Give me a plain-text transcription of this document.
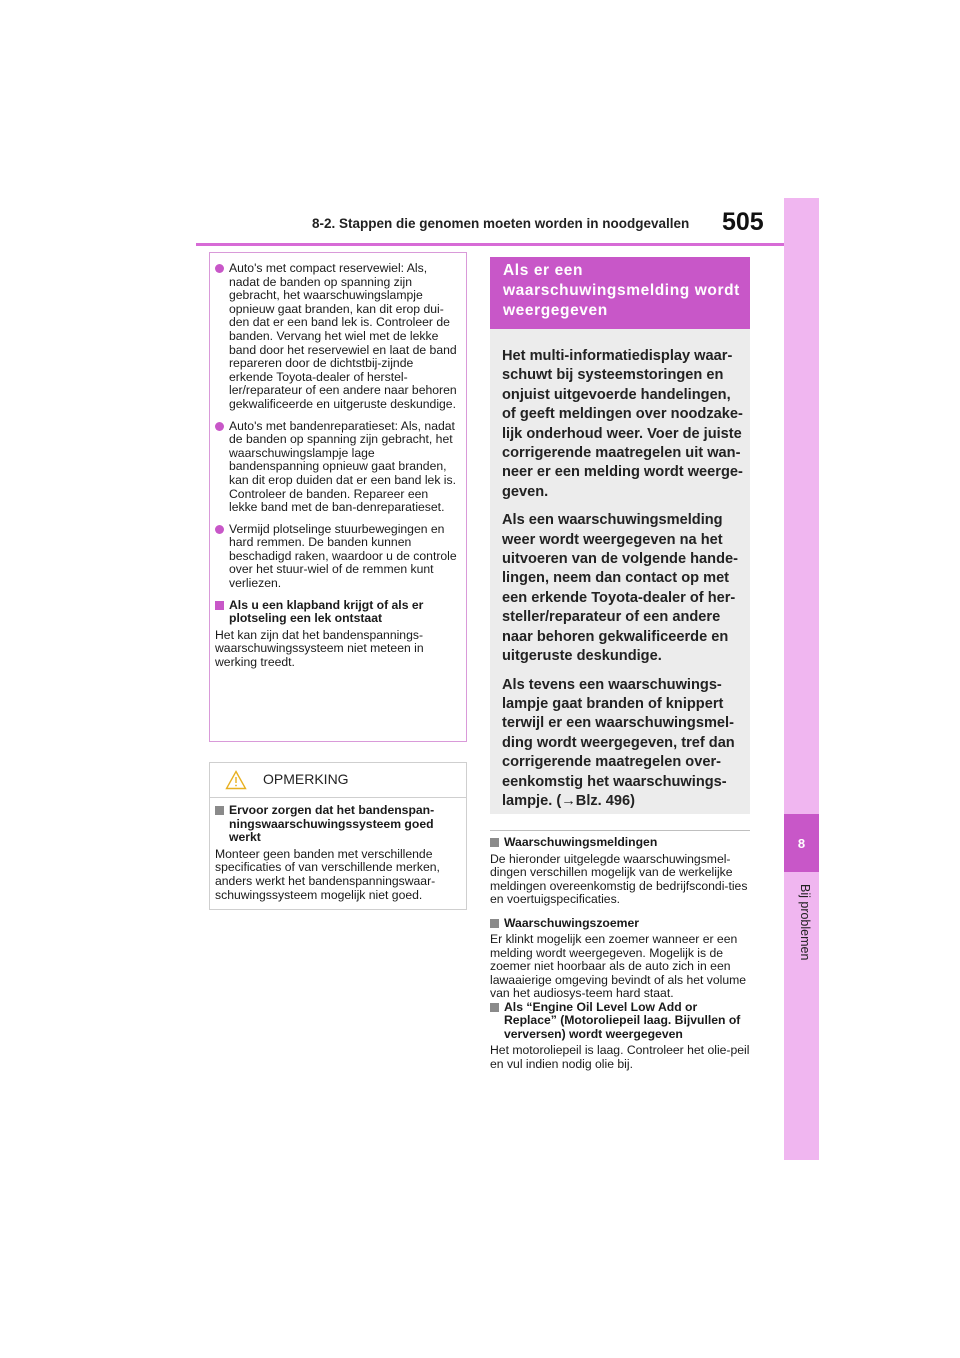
8-2. Stappen die genomen moeten worden in noodgevallen 505
8
Bij problemen
Auto's met compact reservewiel: Als, nadat de banden op spanning zijn gebracht, het waarschuwingslampje opnieuw gaat branden, kan dit erop dui-den dat er een band lek is. Controleer de banden. Vervang het wiel met de lekke band door het reservewiel en laat de band repareren door de dichtstbij-zijnde erkende Toyota-dealer of herstel-ler/reparateur of een andere naar behoren gekwalificeerde en uitgeruste deskundige.
Auto's met bandenreparatieset: Als, nadat de banden op spanning zijn gebracht, het waarschuwingslampje lage bandenspanning opnieuw gaat branden, kan dit erop duiden dat er een band lek is. Controleer de banden. Repareer een lekke band met de ban-denreparatieset.
Vermijd plotselinge stuurbewegingen en hard remmen. De banden kunnen beschadigd raken, waardoor u de controle over het stuur-wiel of de remmen kunt verliezen.
Als u een klapband krijgt of als er plotseling een lek ontstaat
Het kan zijn dat het bandenspannings-waarschuwingssysteem niet meteen in werking treedt.
OPMERKING
Ervoor zorgen dat het bandenspan-ningswaarschuwingssysteem goed werkt
Monteer geen banden met verschillende specificaties of van verschillende merken, anders werkt het bandenspanningswaar-schuwingssysteem mogelijk niet goed.
Als er een waarschuwingsmelding wordt weergegeven

Het multi-informatiedisplay waar-schuwt bij systeemstoringen en onjuist uitgevoerde handelingen, of geeft meldingen over noodzake-lijk onderhoud weer. Voer de juiste corrigerende maatregelen uit wan-neer er een melding wordt weerge-geven.

Als een waarschuwingsmelding weer wordt weergegeven na het uitvoeren van de volgende hande-lingen, neem dan contact op met een erkende Toyota-dealer of her-steller/reparateur of een andere naar behoren gekwalificeerde en uitgeruste deskundige.

Als tevens een waarschuwings-lampje gaat branden of knippert terwijl er een waarschuwingsmel-ding wordt weergegeven, tref dan corrigerende maatregelen over-eenkomstig het waarschuwings-lampje. (→Blz. 496)

Waarschuwingsmeldingen
De hieronder uitgelegde waarschuwingsmel-dingen verschillen mogelijk van de werkelijke meldingen overeenkomstig de bedrijfscondi-ties en voertuigspecificaties.
Waarschuwingszoemer
Er klinkt mogelijk een zoemer wanneer er een melding wordt weergegeven. Mogelijk is de zoemer niet hoorbaar als de auto zich in een lawaaierige omgeving bevindt of als het volume van het audiosys-teem hard staat.
Als “Engine Oil Level Low Add or Replace” (Motoroliepeil laag. Bijvullen of verversen) wordt weergegeven
Het motoroliepeil is laag. Controleer het olie-peil en vul indien nodig olie bij.
